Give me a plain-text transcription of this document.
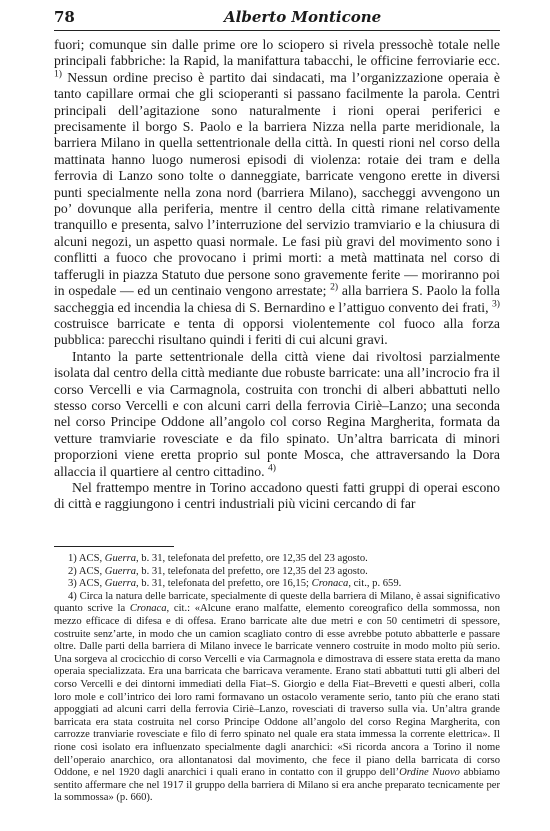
78	Alberto Monticone

fuori; comunque sin dalle prime ore lo sciopero si rivela pressochè totale nelle principali fabbriche: la Rapid, la manifattura tabacchi, le officine ferroviarie ecc. $^{1)}$ Nessun ordine preciso è partito dai sindacati, ma l’organizzazione operaia è tanto capillare ormai che gli scioperanti si passano facilmente la parola. Centri principali dell’agitazione sono naturalmente i rioni operai periferici e precisamente il borgo S. Paolo e la barriera Nizza nella parte meridionale, la barriera Milano in quella settentrionale della città. In questi rioni nel corso della mattinata hanno luogo numerosi episodi di violenza: rotaie dei tram e della ferrovia di Lanzo sono tolte o danneggiate, barricate vengono erette in diversi punti specialmente nella zona nord (barriera Milano), saccheggi avvengono un po’ dovunque alla periferia, mentre il centro della città rimane relativamente tranquillo e presenta, salvo l’interruzione del servizio tramviario e la chiusura di alcuni negozi, un aspetto quasi normale. Le fasi più gravi del movimento sono i conflitti a fuoco che provocano i primi morti: a metà mattinata nel corso di tafferugli in piazza Statuto due persone sono gravemente ferite — moriranno poi in ospedale — ed un centinaio vengono arrestate; $^{2)}$ alla barriera S. Paolo la folla saccheggia ed incendia la chiesa di S. Bernardino e l’attiguo convento dei frati, $^{3)}$ costruisce barricate e tenta di opporsi violentemente col fuoco alla forza pubblica: parecchi risultano quindi i feriti di cui alcuni gravi.

Intanto la parte settentrionale della città viene dai rivoltosi parzialmente isolata dal centro della città mediante due robuste barricate: una all’incrocio fra il corso Vercelli e via Carmagnola, costruita con tronchi di alberi abbattuti nello stesso corso Vercelli e con alcuni carri della ferrovia Ciriè–Lanzo; una seconda nel corso Principe Oddone all’angolo col corso Regina Margherita, formata da vetture tramviarie rovesciate e da filo spinato. Un’altra barricata di minori proporzioni viene eretta proprio sul ponte Mosca, che attraversando la Dora allaccia il quartiere al centro cittadino. $^{4)}$

Nel frattempo mentre in Torino accadono questi fatti gruppi di operai escono di città e raggiungono i centri industriali più vicini cercando di far

1) ACS, Guerra, b. 31, telefonata del prefetto, ore 12,35 del 23 agosto.

2) ACS, Guerra, b. 31, telefonata del prefetto, ore 12,35 del 23 agosto.

3) ACS, Guerra, b. 31, telefonata del prefetto, ore 16,15; Cronaca, cit., p. 659.

4) Circa la natura delle barricate, specialmente di queste della barriera di Milano, è assai significativo quanto scrive la Cronaca, cit.: «Alcune erano malfatte, elemento coreografico della sommossa, non mezzo efficace di difesa e di offesa. Erano barricate alte due metri e con 50 centimetri di spessore, costruite senz’arte, in modo che un camion scagliato contro di esse avrebbe potuto abbatterle e passare oltre. Dalle parti della barriera di Milano invece le barricate vennero costruite in modo molto più serio. Una sorgeva al crocicchio di corso Vercelli e via Carmagnola e dimostrava di essere stata eretta da mano operaia specializzata. Era una barricata che barricava veramente. Erano stati abbattuti tutti gli alberi del corso Vercelli e dei dintorni immediati della Fiat–S. Giorgio e della Fiat–Brevetti e questi alberi, colla loro mole e coll’intrico dei loro rami formavano un ostacolo veramente serio, tanto più che erano stati appoggiati ad alcuni carri della ferrovia Ciriè–Lanzo, rovesciati di traverso sulla via. Un’altra grande barricata era stata costruita nel corso Principe Oddone all’angolo del corso Regina Margherita, con carrozze tranviarie rovesciate e filo di ferro spinato nel quale era stata immessa la corrente elettrica». Il rione così isolato era influenzato specialmente dagli anarchici: «Si ricorda ancora a Torino il nome dell’operaio anarchico, ora allontanatosi dal movimento, che fece il piano della barricata di corso Oddone, e nel 1920 dagli anarchici i quali erano in contatto con il gruppo dell’Ordine Nuovo abbiamo sentito affermare che nel 1917 il gruppo della barriera di Milano si era anche preparato tecnicamente per la sommossa» (p. 660).
